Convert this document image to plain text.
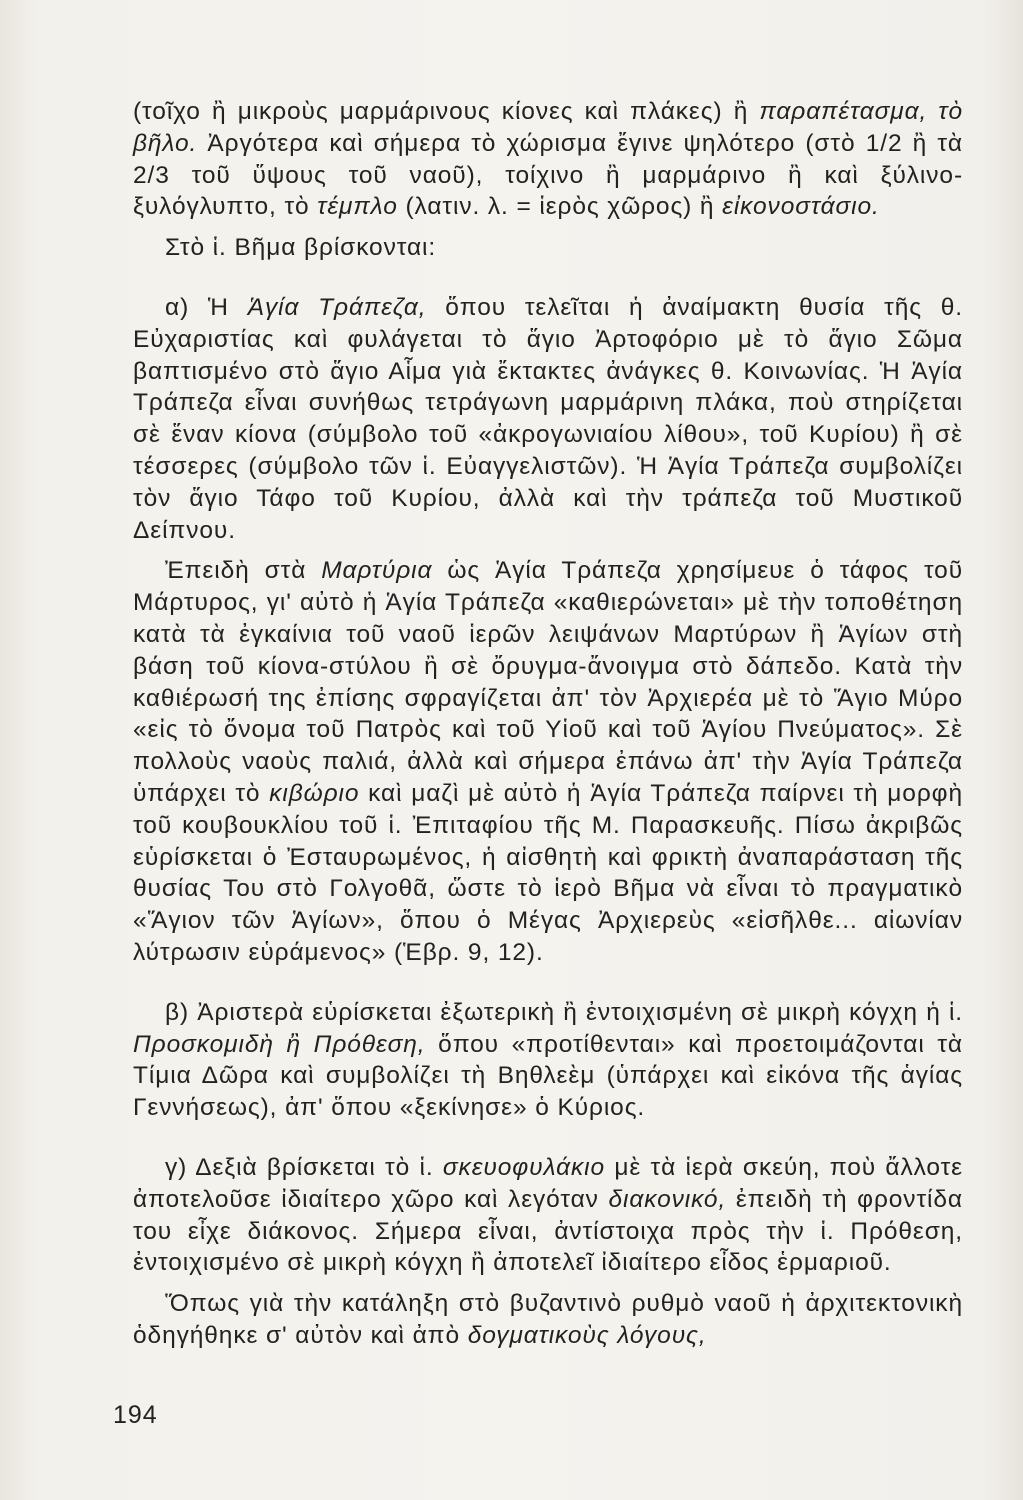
(τοῖχο ἢ μικροὺς μαρμάρινους κίονες καὶ πλάκες) ἢ παραπέτασμα, τὸ βῆλο. Ἀργότερα καὶ σήμερα τὸ χώρισμα ἔγινε ψηλότερο (στὸ 1/2 ἢ τὰ 2/3 τοῦ ὕψους τοῦ ναοῦ), τοίχινο ἢ μαρμάρινο ἢ καὶ ξύλινο-ξυλόγλυπτο, τὸ τέμπλο (λατιν. λ. = ἱερὸς χῶρος) ἢ εἰκονοστάσιο.

Στὸ ἱ. Βῆμα βρίσκονται:

α) Ἡ Ἁγία Τράπεζα, ὅπου τελεῖται ἡ ἀναίμακτη θυσία τῆς θ. Εὐχαριστίας καὶ φυλάγεται τὸ ἅγιο Ἀρτοφόριο μὲ τὸ ἅγιο Σῶμα βαπτισμένο στὸ ἅγιο Αἷμα γιὰ ἔκτακτες ἀνάγκες θ. Κοινωνίας. Ἡ Ἁγία Τράπεζα εἶναι συνήθως τετράγωνη μαρμάρινη πλάκα, ποὺ στηρίζεται σὲ ἕναν κίονα (σύμβολο τοῦ «ἀκρογωνιαίου λίθου», τοῦ Κυρίου) ἢ σὲ τέσσερες (σύμβολο τῶν ἱ. Εὐαγγελιστῶν). Ἡ Ἁγία Τράπεζα συμβολίζει τὸν ἅγιο Τάφο τοῦ Κυρίου, ἀλλὰ καὶ τὴν τράπεζα τοῦ Μυστικοῦ Δείπνου.

Ἐπειδὴ στὰ Μαρτύρια ὡς Ἁγία Τράπεζα χρησίμευε ὁ τάφος τοῦ Μάρτυρος, γι' αὐτὸ ἡ Ἁγία Τράπεζα «καθιερώνεται» μὲ τὴν τοποθέτηση κατὰ τὰ ἐγκαίνια τοῦ ναοῦ ἱερῶν λειψάνων Μαρτύρων ἢ Ἁγίων στὴ βάση τοῦ κίονα-στύλου ἢ σὲ ὄρυγμα-ἄνοιγμα στὸ δάπεδο. Κατὰ τὴν καθιέρωσή της ἐπίσης σφραγίζεται ἀπ' τὸν Ἀρχιερέα μὲ τὸ Ἅγιο Μύρο «εἰς τὸ ὄνομα τοῦ Πατρὸς καὶ τοῦ Υἱοῦ καὶ τοῦ Ἁγίου Πνεύματος». Σὲ πολλοὺς ναοὺς παλιά, ἀλλὰ καὶ σήμερα ἐπάνω ἀπ' τὴν Ἁγία Τράπεζα ὑπάρχει τὸ κιβώριο καὶ μαζὶ μὲ αὐτὸ ἡ Ἁγία Τράπεζα παίρνει τὴ μορφὴ τοῦ κουβουκλίου τοῦ ἱ. Ἐπιταφίου τῆς Μ. Παρασκευῆς. Πίσω ἀκριβῶς εὑρίσκεται ὁ Ἐσταυρωμένος, ἡ αἰσθητὴ καὶ φρικτὴ ἀναπαράσταση τῆς θυσίας Του στὸ Γολγοθᾶ, ὥστε τὸ ἱερὸ Βῆμα νὰ εἶναι τὸ πραγματικὸ «Ἅγιον τῶν Ἁγίων», ὅπου ὁ Μέγας Ἀρχιερεὺς «εἰσῆλθε... αἰωνίαν λύτρωσιν εὑράμενος» (Ἑβρ. 9, 12).

β) Ἀριστερὰ εὑρίσκεται ἐξωτερικὴ ἢ ἐντοιχισμένη σὲ μικρὴ κόγχη ἡ ἱ. Προσκομιδὴ ἢ Πρόθεση, ὅπου «προτίθενται» καὶ προετοιμάζονται τὰ Τίμια Δῶρα καὶ συμβολίζει τὴ Βηθλεὲμ (ὑπάρχει καὶ εἰκόνα τῆς ἁγίας Γεννήσεως), ἀπ' ὅπου «ξεκίνησε» ὁ Κύριος.

γ) Δεξιὰ βρίσκεται τὸ ἱ. σκευοφυλάκιο μὲ τὰ ἱερὰ σκεύη, ποὺ ἄλλοτε ἀποτελοῦσε ἰδιαίτερο χῶρο καὶ λεγόταν διακονικό, ἐπειδὴ τὴ φροντίδα του εἶχε διάκονος. Σήμερα εἶναι, ἀντίστοιχα πρὸς τὴν ἱ. Πρόθεση, ἐντοιχισμένο σὲ μικρὴ κόγχη ἢ ἀποτελεῖ ἰδιαίτερο εἶδος ἑρμαριοῦ.

Ὅπως γιὰ τὴν κατάληξη στὸ βυζαντινὸ ρυθμὸ ναοῦ ἡ ἀρχιτεκτονικὴ ὁδηγήθηκε σ' αὐτὸν καὶ ἀπὸ δογματικοὺς λόγους,

194
